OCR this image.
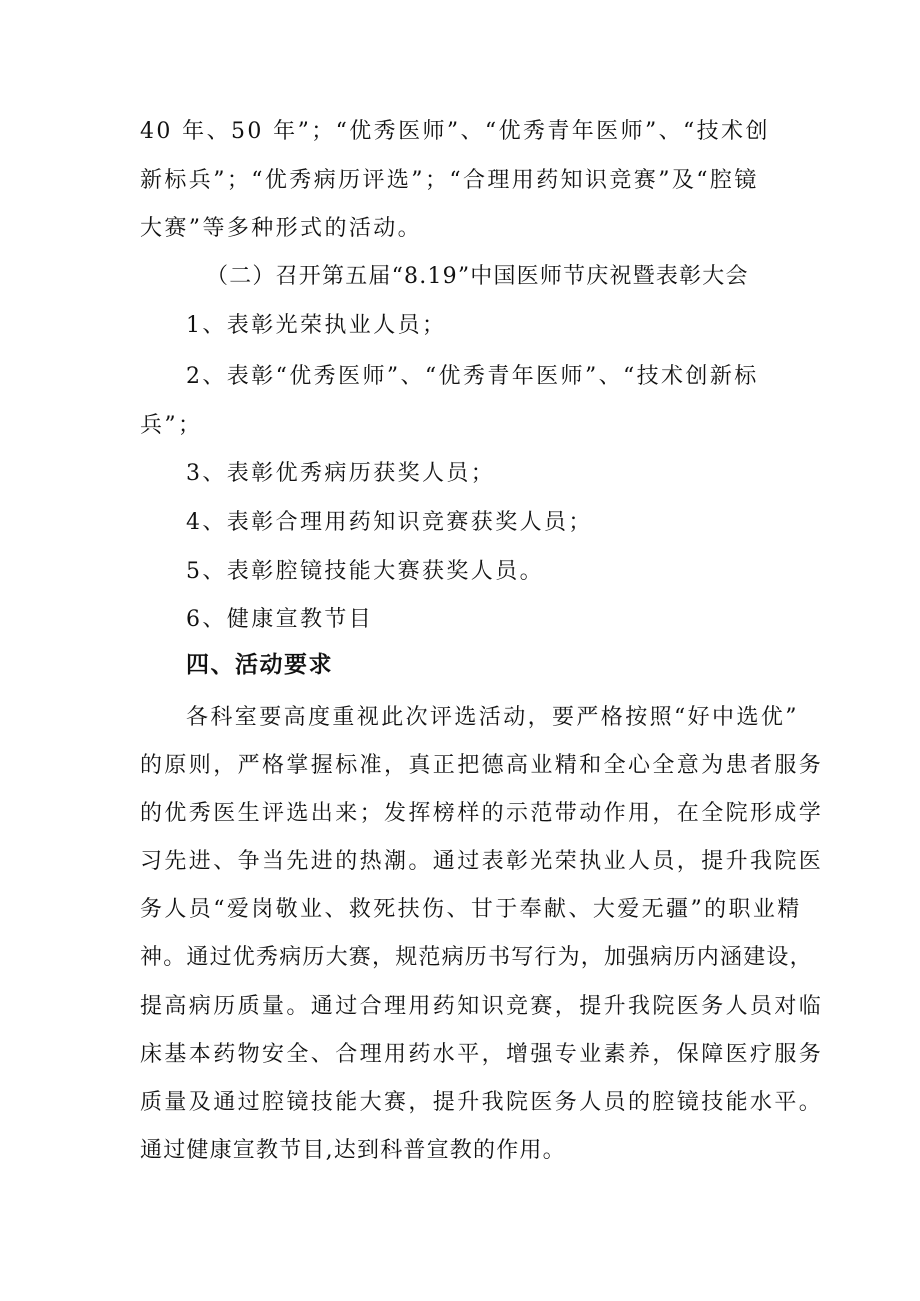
40 年、50 年”；“优秀医师”、“优秀青年医师”、“技术创
新标兵”；“优秀病历评选”；“合理用药知识竞赛”及“腔镜
大赛”等多种形式的活动。
（二）召开第五届“8.19”中国医师节庆祝暨表彰大会
1、表彰光荣执业人员；
2、表彰“优秀医师”、“优秀青年医师”、“技术创新标
兵”；
3、表彰优秀病历获奖人员；
4、表彰合理用药知识竞赛获奖人员；
5、表彰腔镜技能大赛获奖人员。
6、健康宣教节目
四、活动要求
各科室要高度重视此次评选活动，要严格按照“好中选优”
的原则，严格掌握标准，真正把德高业精和全心全意为患者服务
的优秀医生评选出来；发挥榜样的示范带动作用，在全院形成学
习先进、争当先进的热潮。通过表彰光荣执业人员，提升我院医
务人员“爱岗敬业、救死扶伤、甘于奉献、大爱无疆”的职业精
神。通过优秀病历大赛，规范病历书写行为，加强病历内涵建设，
提高病历质量。通过合理用药知识竞赛，提升我院医务人员对临
床基本药物安全、合理用药水平，增强专业素养，保障医疗服务
质量及通过腔镜技能大赛，提升我院医务人员的腔镜技能水平。
通过健康宣教节目,达到科普宣教的作用。
